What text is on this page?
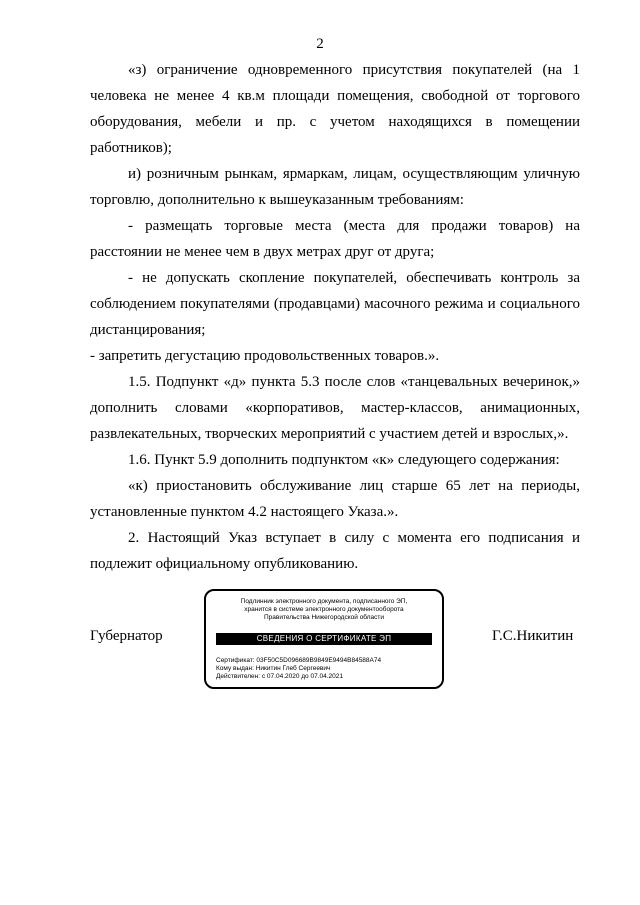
2
«з) ограничение одновременного присутствия покупателей (на 1 человека не менее 4 кв.м площади помещения, свободной от торгового оборудования, мебели и пр. с учетом находящихся в помещении работников);
и) розничным рынкам, ярмаркам, лицам, осуществляющим уличную торговлю, дополнительно к вышеуказанным требованиям:
- размещать торговые места (места для продажи товаров) на расстоянии не менее чем в двух метрах друг от друга;
- не допускать скопление покупателей, обеспечивать контроль за соблюдением покупателями (продавцами) масочного режима и социального дистанцирования;
- запретить дегустацию продовольственных товаров.».
1.5. Подпункт «д» пункта 5.3 после слов «танцевальных вечеринок,» дополнить словами «корпоративов, мастер-классов, анимационных, развлекательных, творческих мероприятий с участием детей и взрослых,».
1.6. Пункт 5.9 дополнить подпунктом «к» следующего содержания:
«к) приостановить обслуживание лиц старше 65 лет на периоды, установленные пунктом 4.2 настоящего Указа.».
2. Настоящий Указ вступает в силу с момента его подписания и подлежит официальному опубликованию.
Губернатор
Подлинник электронного документа, подписанного ЭП,
хранится в системе электронного документооборота
Правительства Нижегородской области
СВЕДЕНИЯ О СЕРТИФИКАТЕ ЭП
Сертификат: 03F50C5D096689B9849E9494B84588A74
Кому выдан: Никитин Глеб Сергеевич
Действителен: с 07.04.2020 до 07.04.2021
Г.С.Никитин
